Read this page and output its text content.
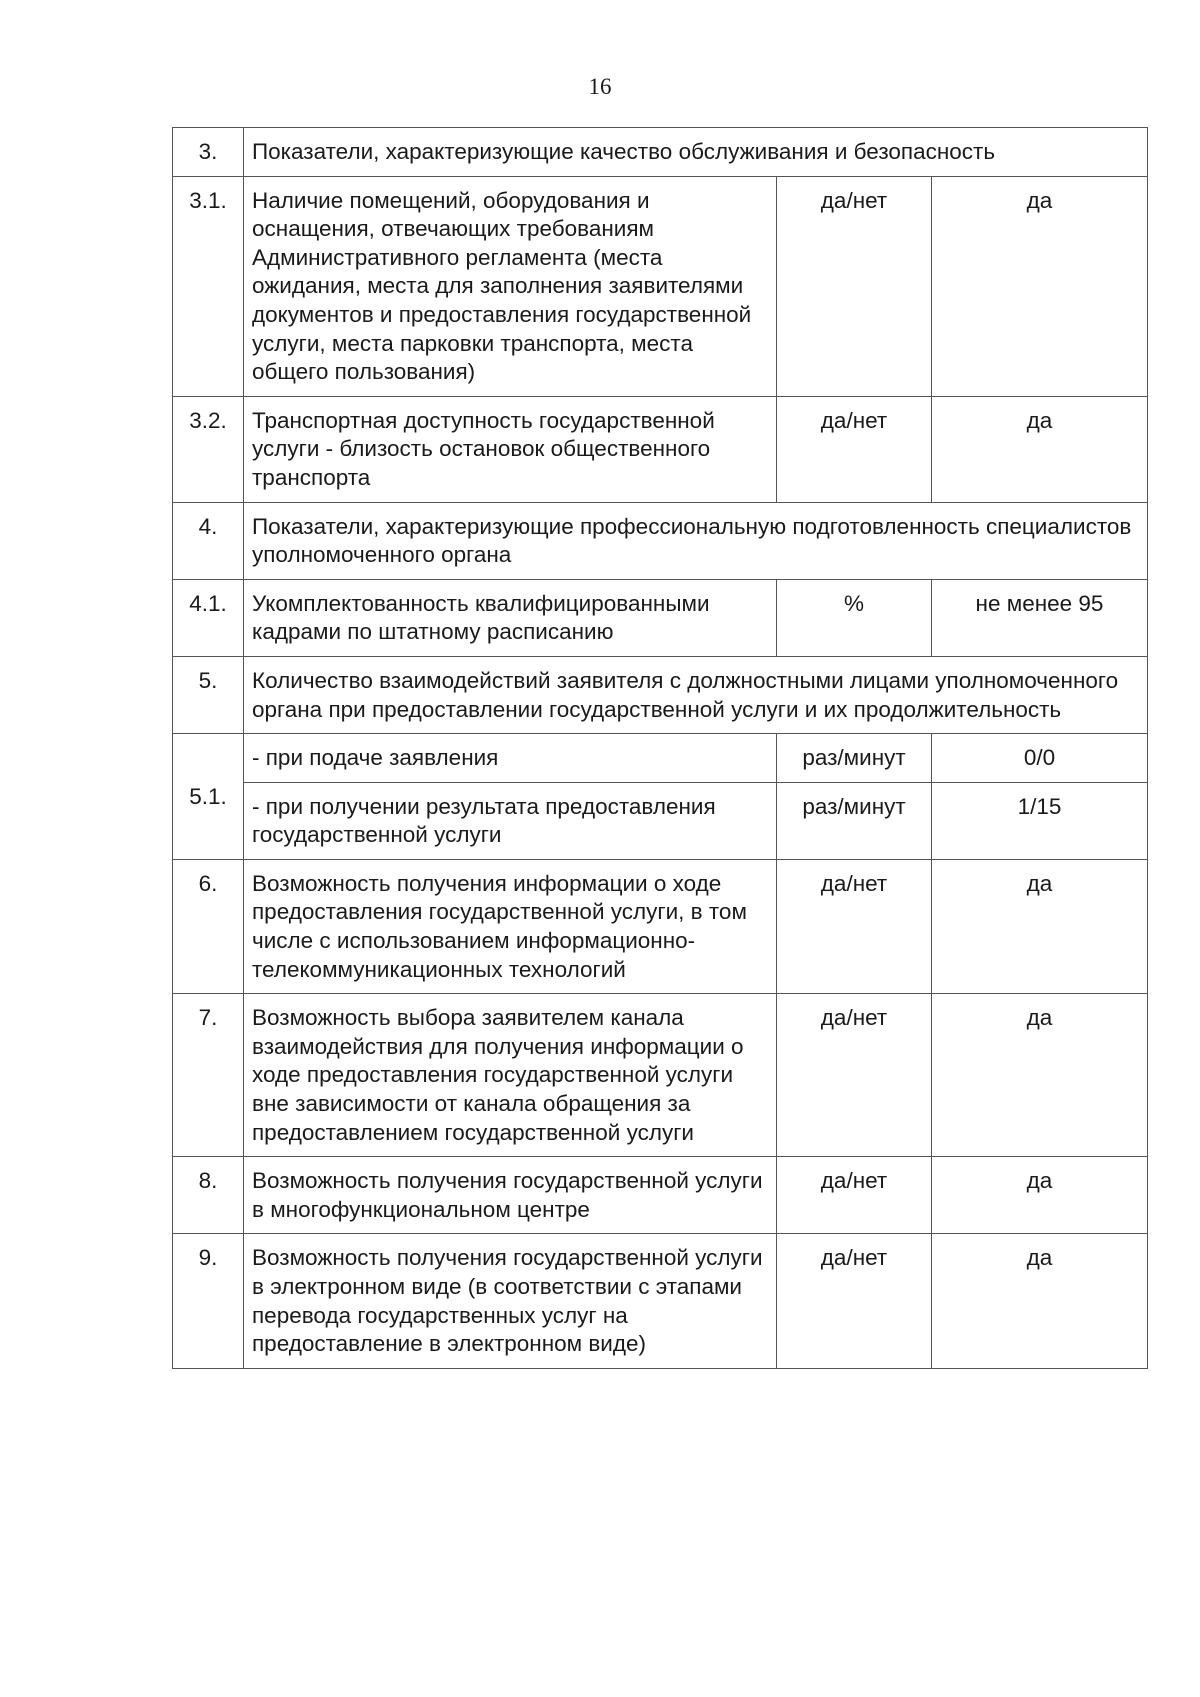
16
3.	Показатели, характеризующие качество обслуживания и безопасность		
3.1.	Наличие помещений, оборудования и оснащения, отвечающих требованиям Административного регламента (места ожидания, места для заполнения заявителями документов и предоставления государственной услуги, места парковки транспорта, места общего пользования)	да/нет	да
3.2.	Транспортная доступность государственной услуги - близость остановок общественного транспорта	да/нет	да
4.	Показатели, характеризующие профессиональную подготовленность специалистов уполномоченного органа		
4.1.	Укомплектованность квалифицированными кадрами по штатному расписанию	%	не менее 95
5.	Количество взаимодействий заявителя с должностными лицами уполномоченного органа при предоставлении государственной услуги и их продолжительность		
5.1.	- при подаче заявления	раз/минут	0/0
	- при получении результата предоставления государственной услуги	раз/минут	1/15
6.	Возможность получения информации о ходе предоставления государственной услуги, в том числе с использованием информационно-телекоммуникационных технологий	да/нет	да
7.	Возможность выбора заявителем канала взаимодействия для получения информации о ходе предоставления государственной услуги вне зависимости от канала обращения за предоставлением государственной услуги	да/нет	да
8.	Возможность получения государственной услуги в многофункциональном центре	да/нет	да
9.	Возможность получения государственной услуги в электронном виде (в соответствии с этапами перевода государственных услуг на предоставление в электронном виде)	да/нет	да
